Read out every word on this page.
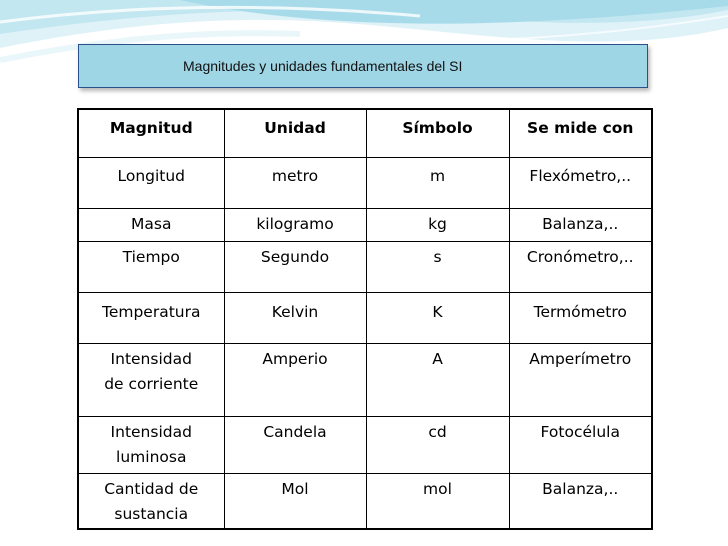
Magnitudes y unidades fundamentales del SI
Magnitud	Unidad	Símbolo	Se mide con

Longitud	metro	m	Flexómetro,..

Masa	kilogramo	kg	Balanza,..

Tiempo	Segundo	s	Cronómetro,..

Temperatura	Kelvin	K	Termómetro

Intensidad
de corriente	Amperio	A	Amperímetro

Intensidad
luminosa	Candela	cd	Fotocélula

Cantidad de
sustancia	Mol	mol	Balanza,..
